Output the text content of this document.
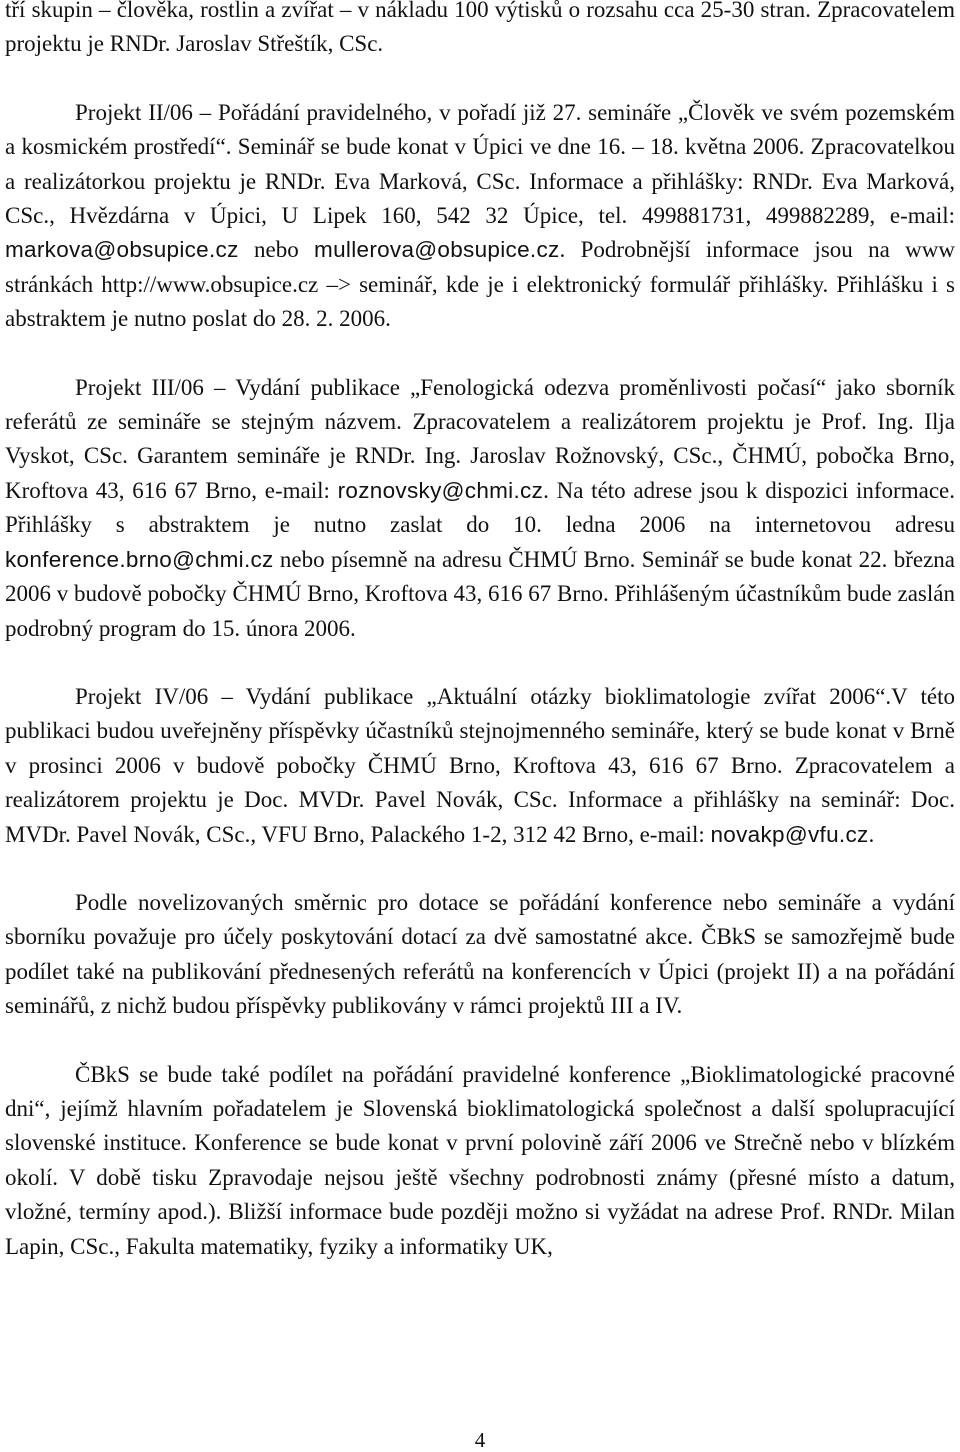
tří skupin – člověka, rostlin a zvířat – v nákladu 100 výtisků o rozsahu cca 25-30 stran. Zpracovatelem projektu je RNDr. Jaroslav Střeštík, CSc.

Projekt II/06 – Pořádání pravidelného, v pořadí již 27. semináře „Člověk ve svém pozemském a kosmickém prostředí“. Seminář se bude konat v Úpici ve dne 16. – 18. května 2006. Zpracovatelkou a realizátorkou projektu je RNDr. Eva Marková, CSc. Informace a přihlášky: RNDr. Eva Marková, CSc., Hvězdárna v Úpici, U Lipek 160, 542 32 Úpice, tel. 499881731, 499882289, e-mail: markova@obsupice.cz nebo mullerova@obsupice.cz. Podrobnější informace jsou na www stránkách http://www.obsupice.cz –> seminář, kde je i elektronický formulář přihlášky. Přihlášku i s abstraktem je nutno poslat do 28. 2. 2006.

Projekt III/06 – Vydání publikace „Fenologická odezva proměnlivosti počasí“ jako sborník referátů ze semináře se stejným názvem. Zpracovatelem a realizátorem projektu je Prof. Ing. Ilja Vyskot, CSc. Garantem semináře je RNDr. Ing. Jaroslav Rožnovský, CSc., ČHMÚ, pobočka Brno, Kroftova 43, 616 67 Brno, e-mail: roznovsky@chmi.cz. Na této adrese jsou k dispozici informace. Přihlášky s abstraktem je nutno zaslat do 10. ledna 2006 na internetovou adresu konference.brno@chmi.cz nebo písemně na adresu ČHMÚ Brno. Seminář se bude konat 22. března 2006 v budově pobočky ČHMÚ Brno, Kroftova 43, 616 67 Brno. Přihlášeným účastníkům bude zaslán podrobný program do 15. února 2006.

Projekt IV/06 – Vydání publikace „Aktuální otázky bioklimatologie zvířat 2006“.V této publikaci budou uveřejněny příspěvky účastníků stejnojmenného semináře, který se bude konat v Brně v prosinci 2006 v budově pobočky ČHMÚ Brno, Kroftova 43, 616 67 Brno. Zpracovatelem a realizátorem projektu je Doc. MVDr. Pavel Novák, CSc. Informace a přihlášky na seminář: Doc. MVDr. Pavel Novák, CSc., VFU Brno, Palackého 1-2, 312 42 Brno, e-mail: novakp@vfu.cz.

Podle novelizovaných směrnic pro dotace se pořádání konference nebo semináře a vydání sborníku považuje pro účely poskytování dotací za dvě samostatné akce. ČBkS se samozřejmě bude podílet také na publikování přednesených referátů na konferencích v Úpici (projekt II) a na pořádání seminářů, z nichž budou příspěvky publikovány v rámci projektů III a IV.

ČBkS se bude také podílet na pořádání pravidelné konference „Bioklimatologické pracovné dni“, jejímž hlavním pořadatelem je Slovenská bioklimatologická společnost a další spolupracující slovenské instituce. Konference se bude konat v první polovině září 2006 ve Strečně nebo v blízkém okolí. V době tisku Zpravodaje nejsou ještě všechny podrobnosti známy (přesné místo a datum, vložné, termíny apod.). Bližší informace bude později možno si vyžádat na adrese Prof. RNDr. Milan Lapin, CSc., Fakulta matematiky, fyziky a informatiky UK,

4
